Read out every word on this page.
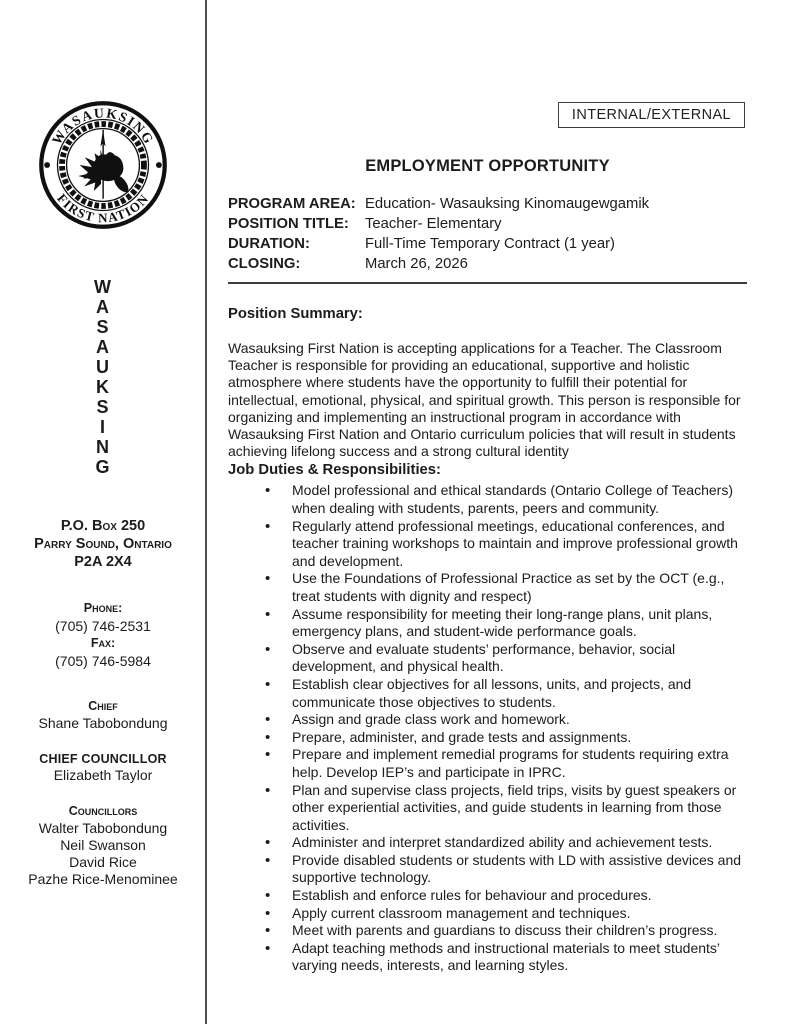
WASAUKSING
FIRST NATION
W
A
S
A
U
K
S
I
N
G
P.O. Box 250
Parry Sound, Ontario
P2A 2X4
Phone:
(705) 746-2531
Fax:
(705) 746-5984
Chief
Shane Tabobondung
CHIEF COUNCILLOR
Elizabeth Taylor
Councillors
Walter Tabobondung
Neil Swanson
David Rice
Pazhe Rice-Menominee
INTERNAL/EXTERNAL
EMPLOYMENT OPPORTUNITY
PROGRAM AREA: Education- Wasauksing Kinomaugewgamik
POSITION TITLE:	Teacher- Elementary
DURATION:	Full-Time Temporary Contract (1 year)
CLOSING:	March 26, 2026
Position Summary:

Wasauksing First Nation is accepting applications for a Teacher. The Classroom Teacher is responsible for providing an educational, supportive and holistic atmosphere where students have the opportunity to fulfill their potential for intellectual, emotional, physical, and spiritual growth. This person is responsible for organizing and implementing an instructional program in accordance with Wasauksing First Nation and Ontario curriculum policies that will result in students achieving lifelong success and a strong cultural identity

Job Duties & Responsibilities:
• Model professional and ethical standards (Ontario College of Teachers) when dealing with students, parents, peers and community.
• Regularly attend professional meetings, educational conferences, and teacher training workshops to maintain and improve professional growth and development.
• Use the Foundations of Professional Practice as set by the OCT (e.g., treat students with dignity and respect)
• Assume responsibility for meeting their long-range plans, unit plans, emergency plans, and student-wide performance goals.
• Observe and evaluate students’ performance, behavior, social development, and physical health.
• Establish clear objectives for all lessons, units, and projects, and communicate those objectives to students.
• Assign and grade class work and homework.
• Prepare, administer, and grade tests and assignments.
• Prepare and implement remedial programs for students requiring extra help. Develop IEP’s and participate in IPRC.
• Plan and supervise class projects, field trips, visits by guest speakers or other experiential activities, and guide students in learning from those activities.
• Administer and interpret standardized ability and achievement tests.
• Provide disabled students or students with LD with assistive devices and supportive technology.
• Establish and enforce rules for behaviour and procedures.
• Apply current classroom management and techniques.
• Meet with parents and guardians to discuss their children’s progress.
• Adapt teaching methods and instructional materials to meet students’ varying needs, interests, and learning styles.
